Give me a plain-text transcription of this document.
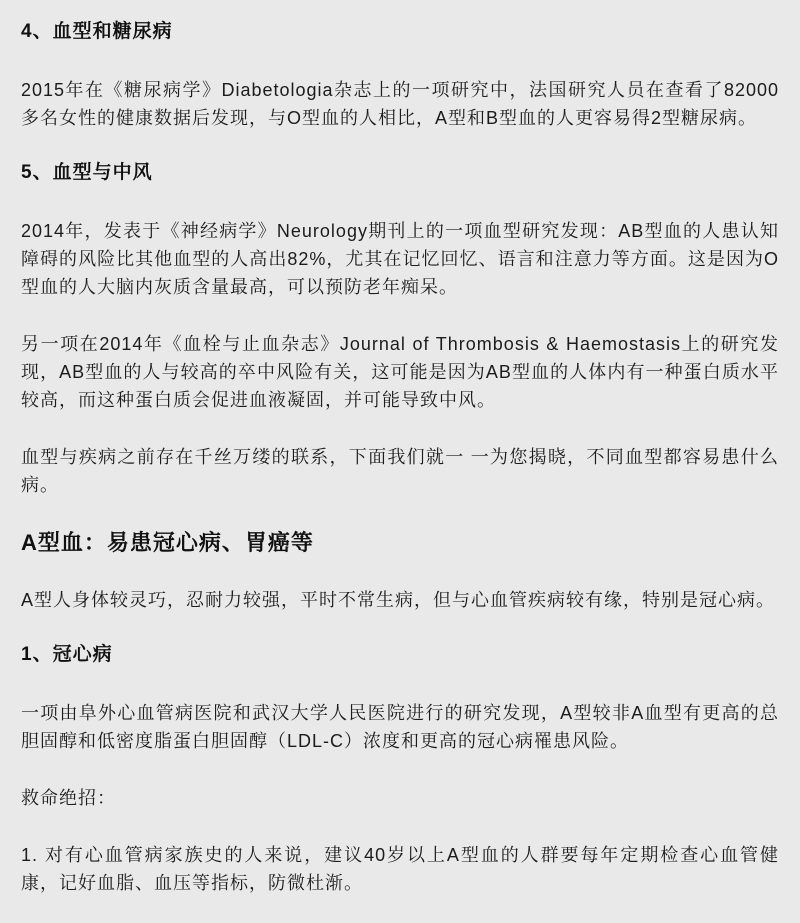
4、血型和糖尿病

2015年在《糖尿病学》Diabetologia杂志上的一项研究中，法国研究人员在查看了82000多名女性的健康数据后发现，与O型血的人相比，A型和B型血的人更容易得2型糖尿病。

5、血型与中风

2014年，发表于《神经病学》Neurology期刊上的一项血型研究发现：AB型血的人患认知障碍的风险比其他血型的人高出82%，尤其在记忆回忆、语言和注意力等方面。这是因为O型血的人大脑内灰质含量最高，可以预防老年痴呆。

另一项在2014年《血栓与止血杂志》Journal of Thrombosis & Haemostasis上的研究发现，AB型血的人与较高的卒中风险有关，这可能是因为AB型血的人体内有一种蛋白质水平较高，而这种蛋白质会促进血液凝固，并可能导致中风。

血型与疾病之前存在千丝万缕的联系，下面我们就一 一为您揭晓，不同血型都容易患什么病。

A型血：易患冠心病、胃癌等

A型人身体较灵巧，忍耐力较强，平时不常生病，但与心血管疾病较有缘，特别是冠心病。

1、冠心病

一项由阜外心血管病医院和武汉大学人民医院进行的研究发现，A型较非A血型有更高的总胆固醇和低密度脂蛋白胆固醇（LDL-C）浓度和更高的冠心病罹患风险。

救命绝招：

1. 对有心血管病家族史的人来说，建议40岁以上A型血的人群要每年定期检查心血管健康，记好血脂、血压等指标，防微杜渐。
